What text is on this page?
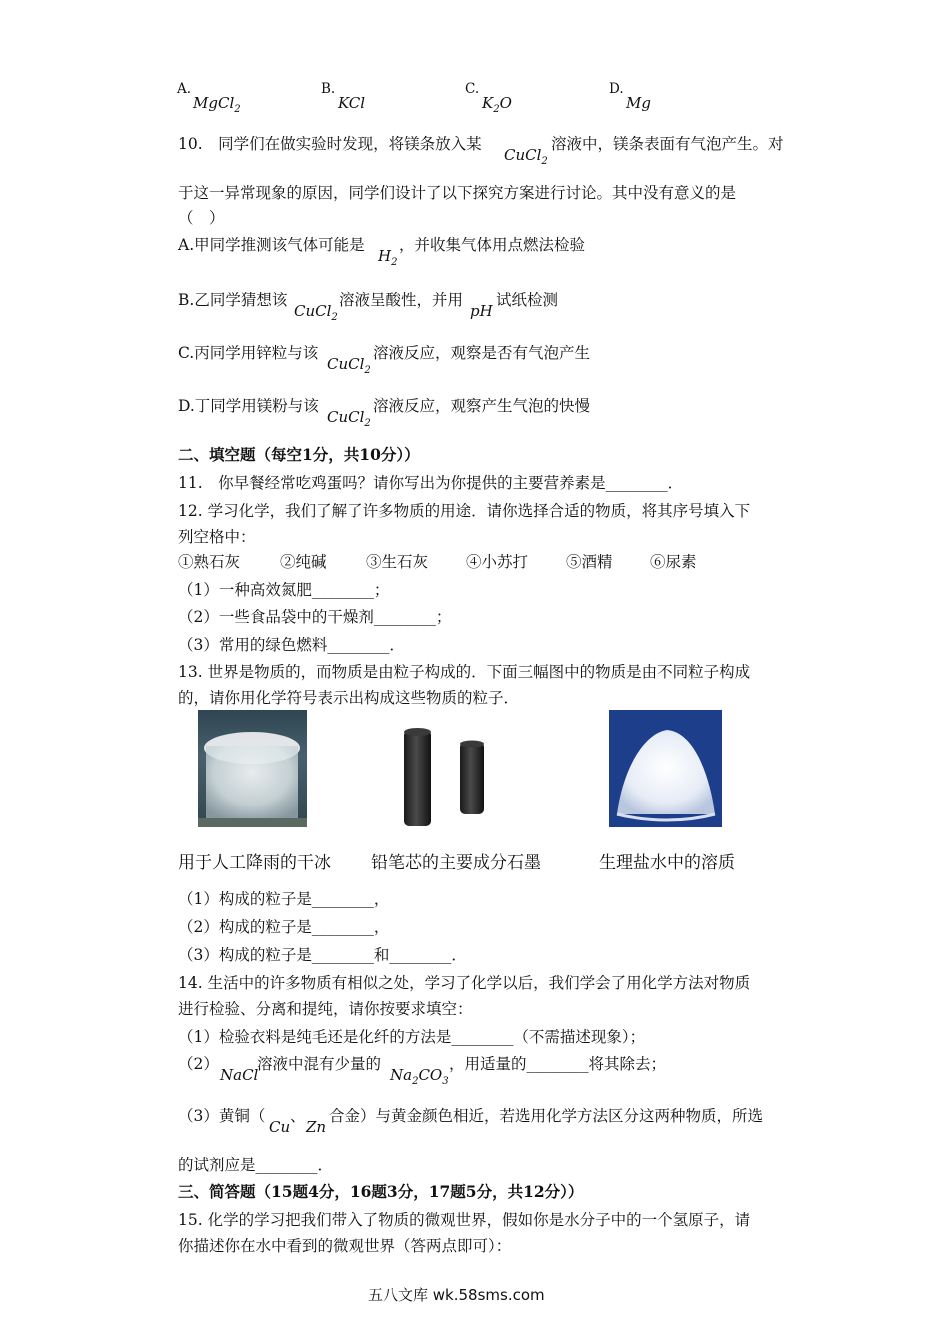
A.
MgCl$_2$
B.
KCl
C.
$K_2O$
D.
Mg
10.　同学们在做实验时发现，将镁条放入某
CuCl$_2$
溶液中，镁条表面有气泡产生。对
于这一异常现象的原因，同学们设计了以下探究方案进行讨论。其中没有意义的是
（　）
A.甲同学推测该气体可能是
$H_2$
，并收集气体用点燃法检验
B.乙同学猜想该
CuCl$_2$
溶液呈酸性，并用
pH
试纸检测
C.丙同学用锌粒与该
CuCl$_2$
溶液反应，观察是否有气泡产生
D.丁同学用镁粉与该
CuCl$_2$
溶液反应，观察产生气泡的快慢
二、填空题（每空1分，共10分））
11.　你早餐经常吃鸡蛋吗？请你写出为你提供的主要营养素是________．
12. 学习化学，我们了解了许多物质的用途．请你选择合适的物质，将其序号填入下
列空格中：
①熟石灰	②纯碱	③生石灰 ④小苏打 ⑤酒精 ⑥尿素
（1）一种高效氮肥________；
（2）一些食品袋中的干燥剂________；
（3）常用的绿色燃料________．
13. 世界是物质的，而物质是由粒子构成的．下面三幅图中的物质是由不同粒子构成
的，请你用化学符号表示出构成这些物质的粒子．
用于人工降雨的干冰 铅笔芯的主要成分石墨	生理盐水中的溶质
（1）构成的粒子是________，
（2）构成的粒子是________，
（3）构成的粒子是________和________．
14. 生活中的许多物质有相似之处，学习了化学以后，我们学会了用化学方法对物质
进行检验、分离和提纯，请你按要求填空：
（1）检验衣料是纯毛还是化纤的方法是________（不需描述现象）；
（2）
NaCl
溶液中混有少量的
$Na_2CO_3$
，用适量的________将其除去；
（3）黄铜（
Cu
、
Zn
合金）与黄金颜色相近，若选用化学方法区分这两种物质，所选
的试剂应是________．
三、简答题（15题4分，16题3分，17题5分，共12分））
15. 化学的学习把我们带入了物质的微观世界，假如你是水分子中的一个氢原子，请
你描述你在水中看到的微观世界（答两点即可）：
五八文库 wk.58sms.com
